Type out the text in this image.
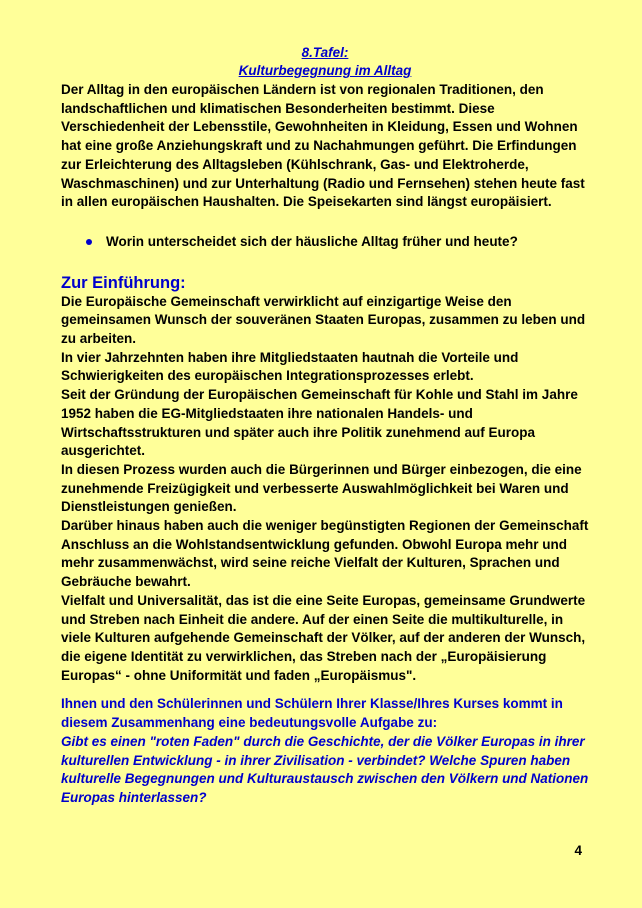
8.Tafel:
Kulturbegegnung im Alltag

Der Alltag in den europäischen Ländern ist von regionalen Traditionen, den landschaftlichen und klimatischen Besonderheiten bestimmt. Diese Verschiedenheit der Lebensstile, Gewohnheiten in Kleidung, Essen und Wohnen hat eine große Anziehungskraft und zu Nachahmungen geführt. Die Erfindungen zur Erleichterung des Alltagsleben (Kühlschrank, Gas- und Elektroherde, Waschmaschinen) und zur Unterhaltung (Radio und Fernsehen) stehen heute fast in allen europäischen Haushalten. Die Speisekarten sind längst europäisiert.

Worin unterscheidet sich der häusliche Alltag früher und heute?
Zur Einführung:

Die Europäische Gemeinschaft verwirklicht auf einzigartige Weise den gemeinsamen Wunsch der souveränen Staaten Europas, zusammen zu leben und zu arbeiten.

In vier Jahrzehnten haben ihre Mitgliedstaaten hautnah die Vorteile und Schwierigkeiten des europäischen Integrationsprozesses erlebt.

Seit der Gründung der Europäischen Gemeinschaft für Kohle und Stahl im Jahre 1952 haben die EG-Mitgliedstaaten ihre nationalen Handels- und Wirtschaftsstrukturen und später auch ihre Politik zunehmend auf Europa ausgerichtet.

In diesen Prozess wurden auch die Bürgerinnen und Bürger einbezogen, die eine zunehmende Freizügigkeit und verbesserte Auswahlmöglichkeit bei Waren und Dienstleistungen genießen.

Darüber hinaus haben auch die weniger begünstigten Regionen der Gemeinschaft Anschluss an die Wohlstandsentwicklung gefunden. Obwohl Europa mehr und mehr zusammenwächst, wird seine reiche Vielfalt der Kulturen, Sprachen und Gebräuche bewahrt.

Vielfalt und Universalität, das ist die eine Seite Europas, gemeinsame Grundwerte und Streben nach Einheit die andere. Auf der einen Seite die multikulturelle, in viele Kulturen aufgehende Gemeinschaft der Völker, auf der anderen der Wunsch, die eigene Identität zu verwirklichen, das Streben nach der „Europäisierung Europas“ - ohne Uniformität und faden „Europäismus".

Ihnen und den Schülerinnen und Schülern Ihrer Klasse/Ihres Kurses kommt in diesem Zusammenhang eine bedeutungsvolle Aufgabe zu:

Gibt es einen "roten Faden" durch die Geschichte, der die Völker Europas in ihrer kulturellen Entwicklung - in ihrer Zivilisation - verbindet? Welche Spuren haben kulturelle Begegnungen und Kulturaustausch zwischen den Völkern und Nationen Europas hinterlassen?

4
